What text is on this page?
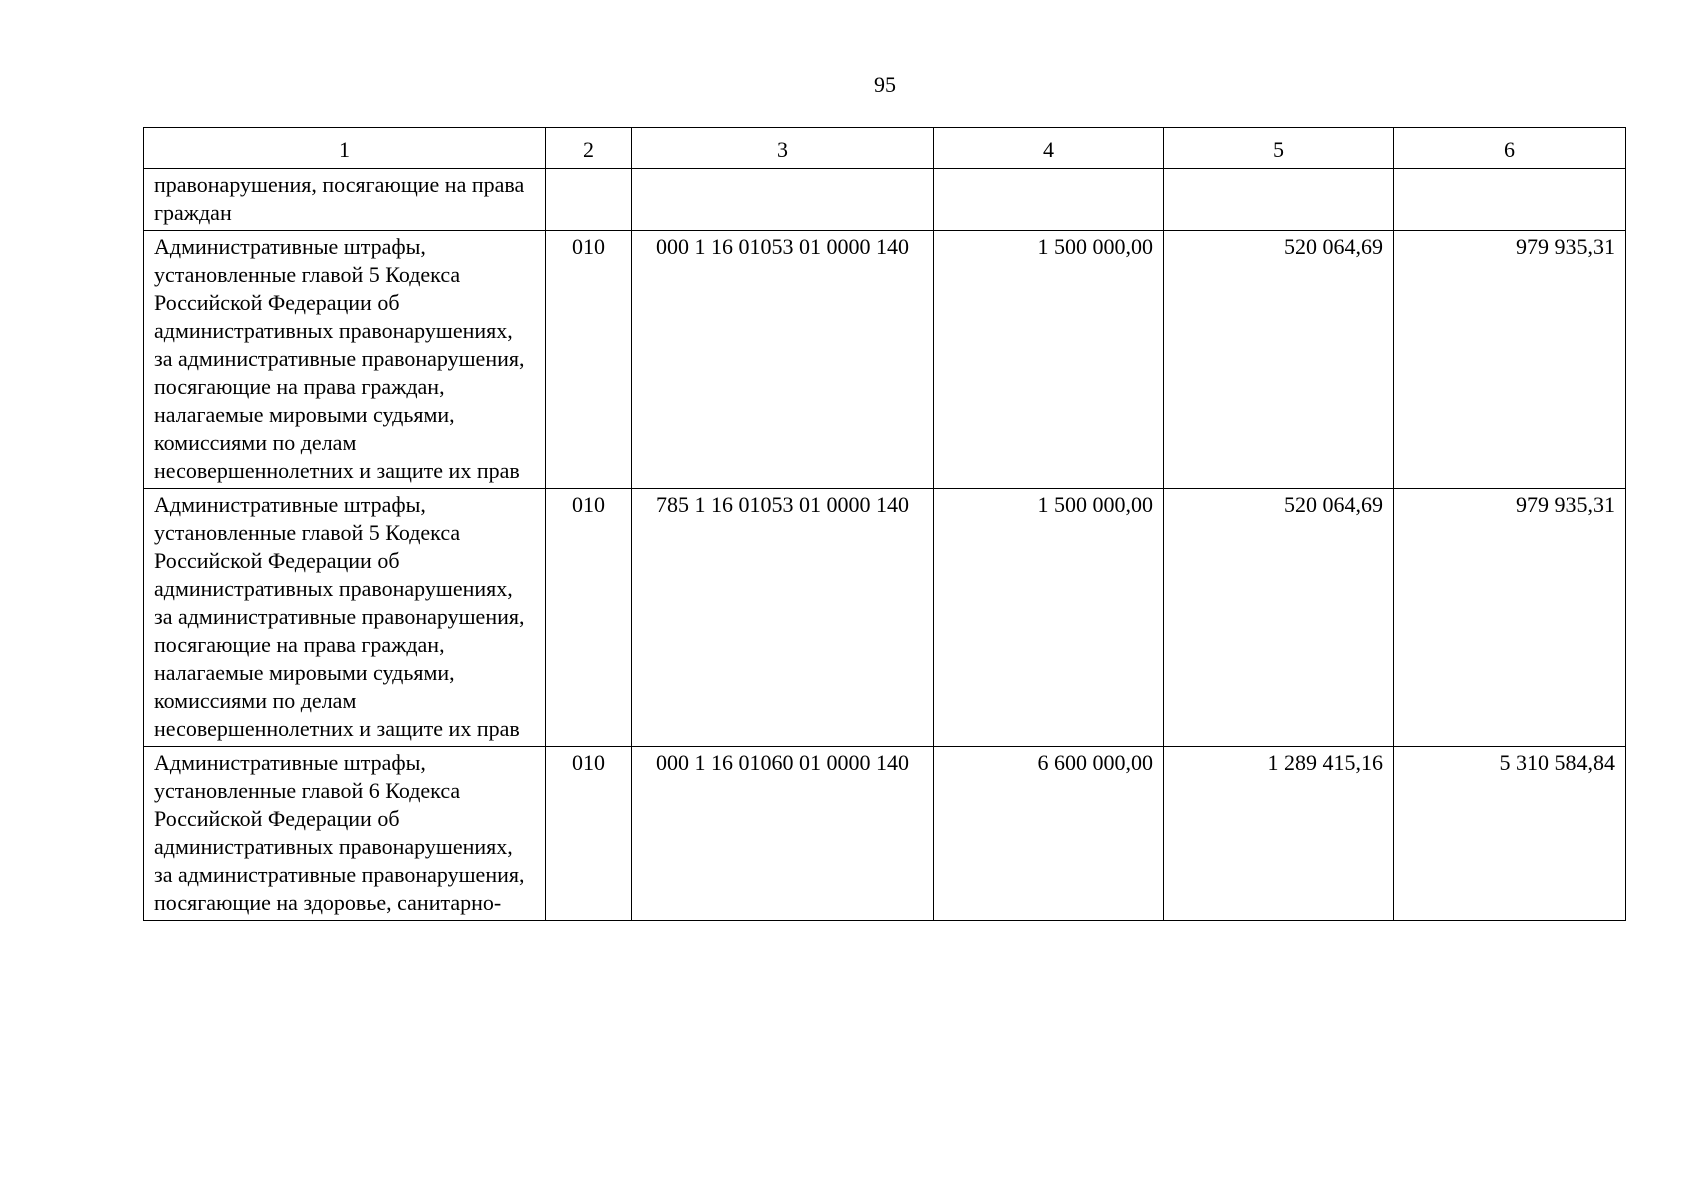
95
1	2	3	4	5	6
правонарушения, посягающие на права граждан					
Административные штрафы, установленные главой 5 Кодекса Российской Федерации об административных правонарушениях, за административные правонарушения, посягающие на права граждан, налагаемые мировыми судьями, комиссиями по делам несовершеннолетних и защите их прав	010	000 1 16 01053 01 0000 140	1 500 000,00	520 064,69	979 935,31
Административные штрафы, установленные главой 5 Кодекса Российской Федерации об административных правонарушениях, за административные правонарушения, посягающие на права граждан, налагаемые мировыми судьями, комиссиями по делам несовершеннолетних и защите их прав	010	785 1 16 01053 01 0000 140	1 500 000,00	520 064,69	979 935,31
Административные штрафы, установленные главой 6 Кодекса Российской Федерации об административных правонарушениях, за административные правонарушения, посягающие на здоровье, санитарно-	010	000 1 16 01060 01 0000 140	6 600 000,00	1 289 415,16	5 310 584,84
